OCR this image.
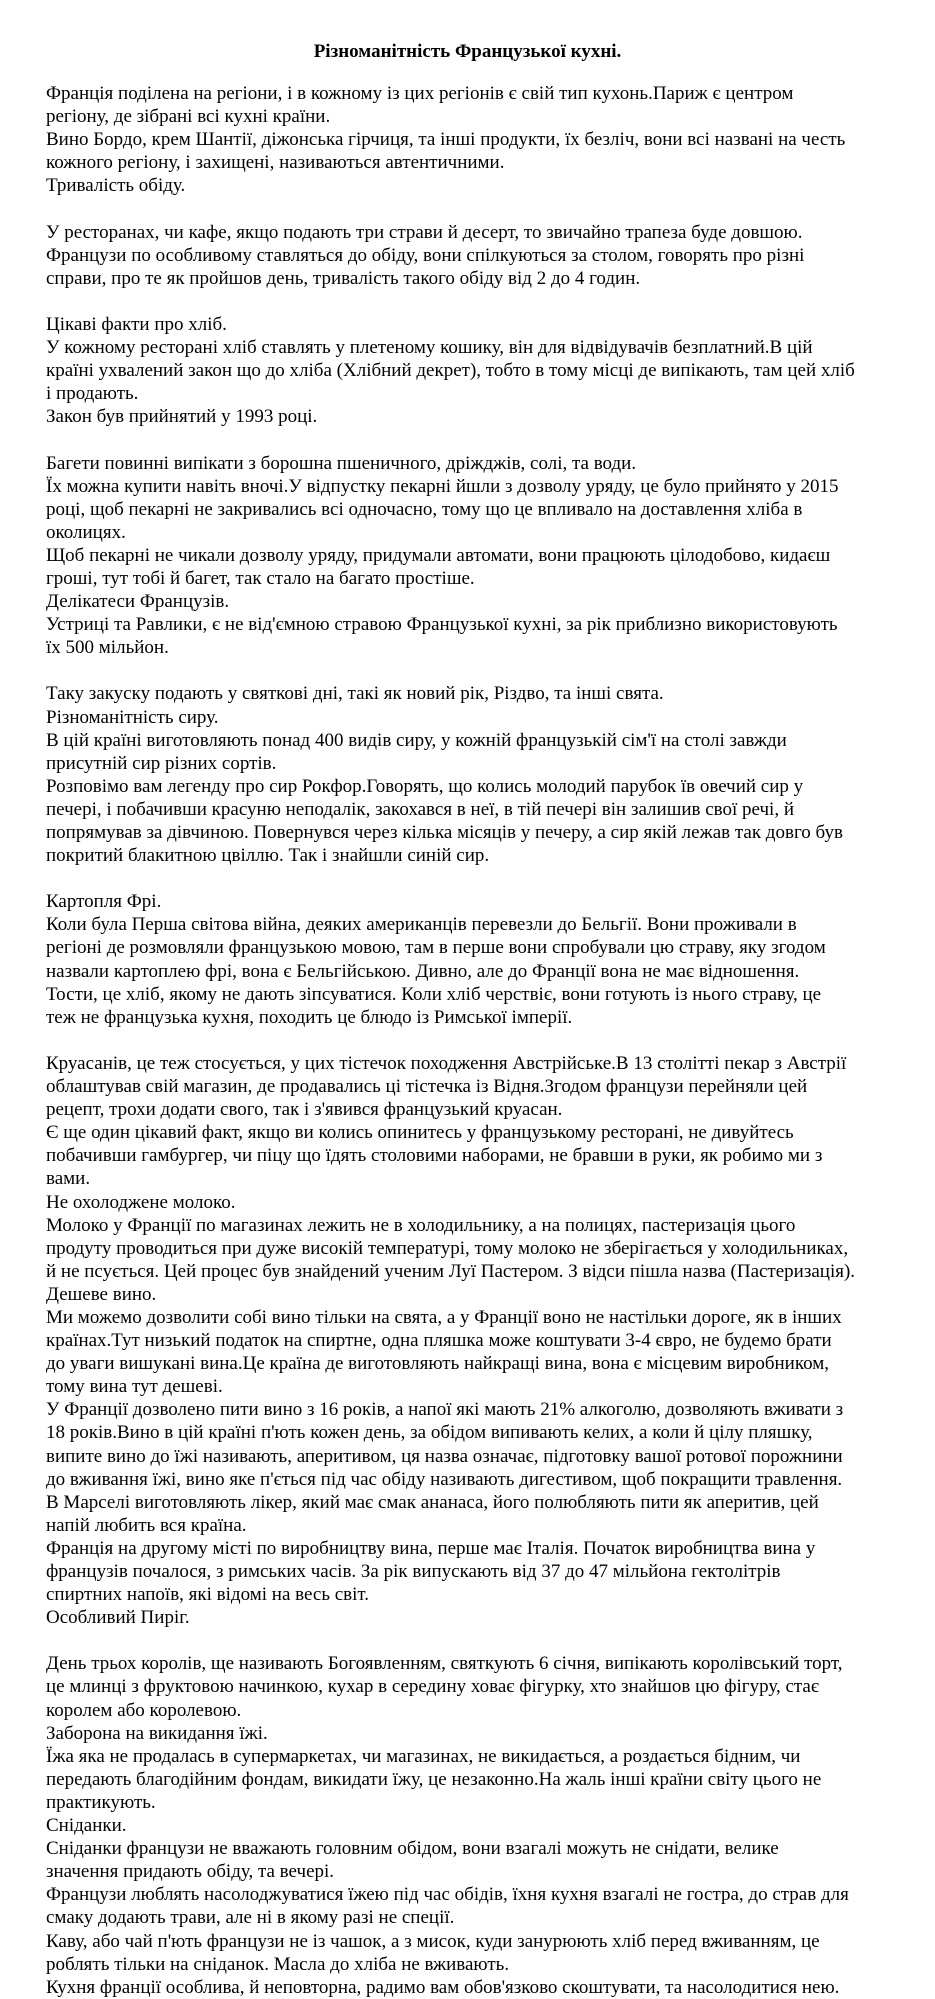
Різноманітність Французької кухні.
Франція поділена на регіони, і в кожному із цих регіонів є свій тип кухонь.Париж є центром
регіону, де зібрані всі кухні країни.
Вино Бордо, крем Шантії, діжонська гірчиця, та інші продукти, їх безліч, вони всі названі на честь
кожного регіону, і захищені, називаються автентичними.
Тривалість обіду.
У ресторанах, чи кафе, якщо подають три страви й десерт, то звичайно трапеза буде довшою.
Французи по особливому ставляться до обіду, вони спілкуються за столом, говорять про різні
справи, про те як пройшов день, тривалість такого обіду від 2 до 4 годин.
Цікаві факти про хліб.
У кожному ресторані хліб ставлять у плетеному кошику, він для відвідувачів безплатний.В цій
країні ухвалений закон що до хліба (Хлібний декрет), тобто в тому місці де випікають, там цей хліб
і продають.
Закон був прийнятий у 1993 році.
Багети повинні випікати з борошна пшеничного, дріжджів, солі, та води.
Їх можна купити навіть вночі.У відпустку пекарні йшли з дозволу уряду, це було прийнято у 2015
році, щоб пекарні не закривались всі одночасно, тому що це впливало на доставлення хліба в
околицях.
Щоб пекарні не чикали дозволу уряду, придумали автомати, вони працюють цілодобово, кидаєш
гроші, тут тобі й багет, так стало на багато простіше.
Делікатеси Французів.
Устриці та Равлики, є не від'ємною стравою Французької кухні, за рік приблизно використовують
їх 500 мільйон.
Таку закуску подають у святкові дні, такі як новий рік, Різдво, та інші свята.
Різноманітність сиру.
В цій країні виготовляють понад 400 видів сиру, у кожній французькій сім'ї на столі завжди
присутній сир різних сортів.
Розповімо вам легенду про сир Рокфор.Говорять, що колись молодий парубок їв овечий сир у
печері, і побачивши красуню неподалік, закохався в неї, в тій печері він залишив свої речі, й
попрямував за дівчиною. Повернувся через кілька місяців у печеру, а сир якій лежав так довго був
покритий блакитною цвіллю. Так і знайшли синій сир.
Картопля Фрі.
Коли була Перша світова війна, деяких американців перевезли до Бельгії. Вони проживали в
регіоні де розмовляли французькою мовою, там в перше вони спробували цю страву, яку згодом
назвали картоплею фрі, вона є Бельгійською. Дивно, але до Франції вона не має відношення.
Тости, це хліб, якому не дають зіпсуватися. Коли хліб черствіє, вони готують із нього страву, це
теж не французька кухня, походить це блюдо із Римської імперії.
Круасанів, це теж стосується, у цих тістечок походження Австрійське.В 13 столітті пекар з Австрії
облаштував свій магазин, де продавались ці тістечка із Відня.Згодом французи перейняли цей
рецепт, трохи додати свого, так і з'явився французький круасан.
Є ще один цікавий факт, якщо ви колись опинитесь у французькому ресторані, не дивуйтесь
побачивши гамбургер, чи піцу що їдять столовими наборами, не бравши в руки, як робимо ми з
вами.
Не охолоджене молоко.
Молоко у Франції по магазинах лежить не в холодильнику, а на полицях, пастеризація цього
продуту проводиться при дуже високій температурі, тому молоко не зберігається у холодильниках,
й не псується. Цей процес був знайдений ученим Луї Пастером. З відси пішла назва (Пастеризація).
Дешеве вино.
Ми можемо дозволити собі вино тільки на свята, а у Франції воно не настільки дороге, як в інших
країнах.Тут низький податок на спиртне, одна пляшка може коштувати 3-4 євро, не будемо брати
до уваги вишукані вина.Це країна де виготовляють найкращі вина, вона є місцевим виробником,
тому вина тут дешеві.
У Франції дозволено пити вино з 16 років, а напої які мають 21% алкоголю, дозволяють вживати з
18 років.Вино в цій країні п'ють кожен день, за обідом випивають келих, а коли й цілу пляшку,
випите вино до їжі називають, аперитивом, ця назва означає, підготовку вашої ротової порожнини
до вживання їжі, вино яке п'ється під час обіду називають дигестивом, щоб покращити травлення.
В Марселі виготовляють лікер, який має смак ананаса, його полюбляють пити як аперитив, цей
напій любить вся країна.
Франція на другому місті по виробництву вина, перше має Італія. Початок виробництва вина у
французів почалося, з римських часів. За рік випускають від 37 до 47 мільйона гектолітрів
спиртних напоїв, які відомі на весь світ.
Особливий Пиріг.
День трьох королів, ще називають Богоявленням, святкують 6 січня, випікають королівський торт,
це млинці з фруктовою начинкою, кухар в середину ховає фігурку, хто знайшов цю фігуру, стає
королем або королевою.
Заборона на викидання їжі.
Їжа яка не продалась в супермаркетах, чи магазинах, не викидається, а роздається бідним, чи
передають благодійним фондам, викидати їжу, це незаконно.На жаль інші країни світу цього не
практикують.
Сніданки.
Сніданки французи не вважають головним обідом, вони взагалі можуть не снідати, велике
значення придають обіду, та вечері.
Французи люблять насолоджуватися їжею під час обідів, їхня кухня взагалі не гостра, до страв для
смаку додають трави, але ні в якому разі не спеції.
Каву, або чай п'ють французи не із чашок, а з мисок, куди занурюють хліб перед вживанням, це
роблять тільки на сніданок. Масла до хліба не вживають.
Кухня франції особлива, й неповторна, радимо вам обов'язково скоштувати, та насолодитися нею.
